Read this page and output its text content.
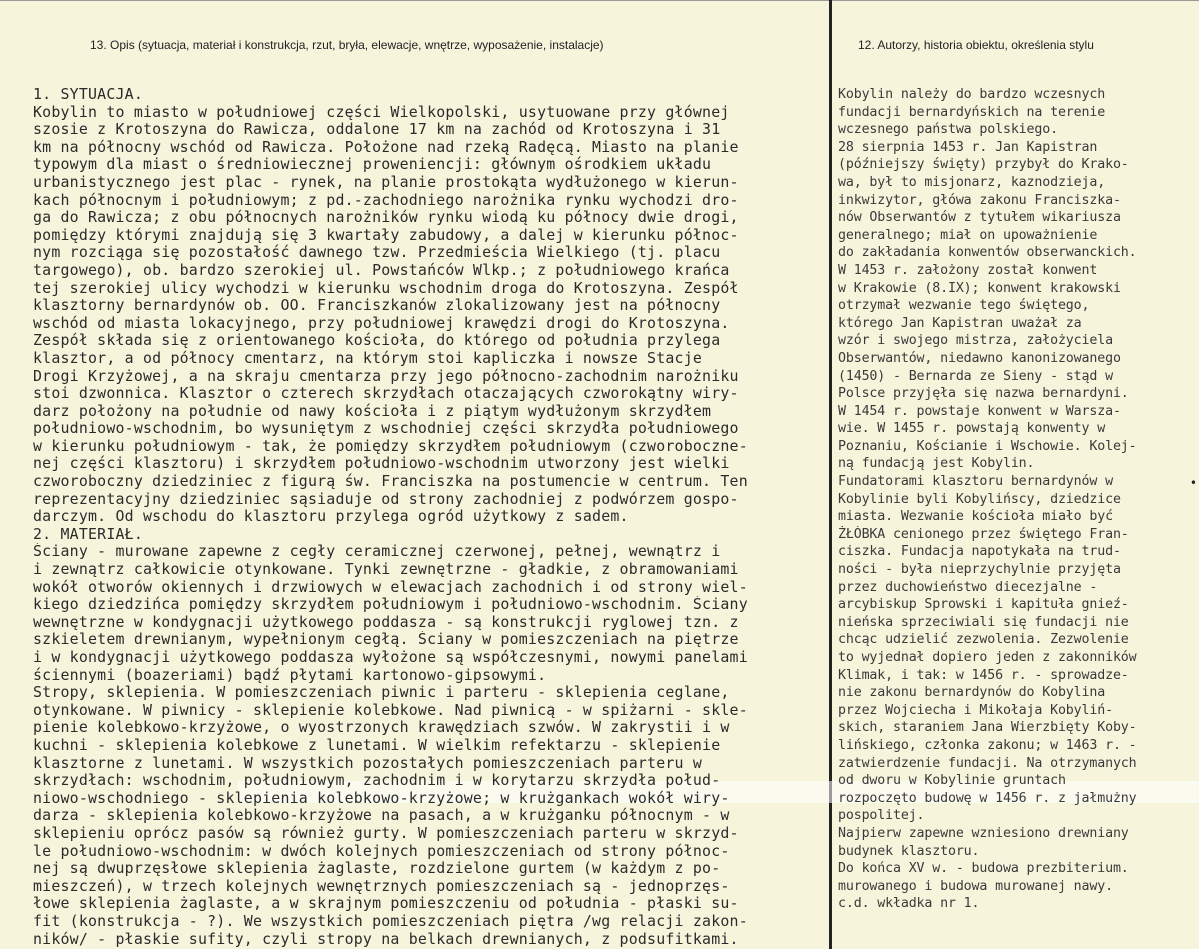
13. Opis (sytuacja, materiał i konstrukcja, rzut, bryła, elewacje, wnętrze, wyposażenie, instalacje)	12. Autorzy, historia obiektu, określenia stylu
1. SYTUACJA.
Kobylin to miasto w południowej części Wielkopolski, usytuowane przy głównej
szosie z Krotoszyna do Rawicza, oddalone 17 km na zachód od Krotoszyna i 31
km na północny wschód od Rawicza. Położone nad rzeką Radęcą. Miasto na planie
typowym dla miast o średniowiecznej proweniencji: głównym ośrodkiem układu
urbanistycznego jest plac - rynek, na planie prostokąta wydłużonego w kierun-
kach północnym i południowym; z pd.-zachodniego narożnika rynku wychodzi dro-
ga do Rawicza; z obu północnych narożników rynku wiodą ku północy dwie drogi,
pomiędzy którymi znajdują się 3 kwartały zabudowy, a dalej w kierunku północ-
nym rozciąga się pozostałość dawnego tzw. Przedmieścia Wielkiego (tj. placu
targowego), ob. bardzo szerokiej ul. Powstańców Wlkp.; z południowego krańca
tej szerokiej ulicy wychodzi w kierunku wschodnim droga do Krotoszyna. Zespół
klasztorny bernardynów ob. OO. Franciszkanów zlokalizowany jest na północny
wschód od miasta lokacyjnego, przy południowej krawędzi drogi do Krotoszyna.
Zespół składa się z orientowanego kościoła, do którego od południa przylega
klasztor, a od północy cmentarz, na którym stoi kapliczka i nowsze Stacje
Drogi Krzyżowej, a na skraju cmentarza przy jego północno-zachodnim narożniku
stoi dzwonnica. Klasztor o czterech skrzydłach otaczających czworokątny wiry-
darz położony na południe od nawy kościoła i z piątym wydłużonym skrzydłem
południowo-wschodnim, bo wysuniętym z wschodniej części skrzydła południowego
w kierunku południowym - tak, że pomiędzy skrzydłem południowym (czworoboczne-
nej części klasztoru) i skrzydłem południowo-wschodnim utworzony jest wielki
czworoboczny dziedziniec z figurą św. Franciszka na postumencie w centrum. Ten
reprezentacyjny dziedziniec sąsiaduje od strony zachodniej z podwórzem gospo-
darczym. Od wschodu do klasztoru przylega ogród użytkowy z sadem.
2. MATERIAŁ.
Ściany - murowane zapewne z cegły ceramicznej czerwonej, pełnej, wewnątrz i
i zewnątrz całkowicie otynkowane. Tynki zewnętrzne - gładkie, z obramowaniami
wokół otworów okiennych i drzwiowych w elewacjach zachodnich i od strony wiel-
kiego dziedzińca pomiędzy skrzydłem południowym i południowo-wschodnim. Ściany
wewnętrzne w kondygnacji użytkowego poddasza - są konstrukcji ryglowej tzn. z
szkieletem drewnianym, wypełnionym cegłą. Ściany w pomieszczeniach na piętrze
i w kondygnacji użytkowego poddasza wyłożone są współczesnymi, nowymi panelami
ściennymi (boazeriami) bądź płytami kartonowo-gipsowymi.
Stropy, sklepienia. W pomieszczeniach piwnic i parteru - sklepienia ceglane,
otynkowane. W piwnicy - sklepienie kolebkowe. Nad piwnicą - w spiżarni - skle-
pienie kolebkowo-krzyżowe, o wyostrzonych krawędziach szwów. W zakrystii i w
kuchni - sklepienia kolebkowe z lunetami. W wielkim refektarzu - sklepienie
klasztorne z lunetami. W wszystkich pozostałych pomieszczeniach parteru w
skrzydłach: wschodnim, południowym, zachodnim i w korytarzu skrzydła połud-
niowo-wschodniego - sklepienia kolebkowo-krzyżowe; w krużgankach wokół wiry-
darza - sklepienia kolebkowo-krzyżowe na pasach, a w krużganku północnym - w
sklepieniu oprócz pasów są również gurty. W pomieszczeniach parteru w skrzyd-
le południowo-wschodnim: w dwóch kolejnych pomieszczeniach od strony północ-
nej są dwuprzęsłowe sklepienia żaglaste, rozdzielone gurtem (w każdym z po-
mieszczeń), w trzech kolejnych wewnętrznych pomieszczeniach są - jednoprzęs-
łowe sklepienia żaglaste, a w skrajnym pomieszczeniu od południa - płaski su-
fit (konstrukcja - ?). We wszystkich pomieszczeniach piętra /wg relacji zakon-
ników/ - płaskie sufity, czyli stropy na belkach drewnianych, z podsufitkami.
Kobylin należy do bardzo wczesnych
fundacji bernardyńskich na terenie
wczesnego państwa polskiego.
28 sierpnia 1453 r. Jan Kapistran
(późniejszy święty) przybył do Krako-
wa, był to misjonarz, kaznodzieja,
inkwizytor, główa zakonu Franciszka-
nów Obserwantów z tytułem wikariusza
generalnego; miał on upoważnienie
do zakładania konwentów obserwanckich.
W 1453 r. założony został konwent
w Krakowie (8.IX); konwent krakowski
otrzymał wezwanie tego świętego,
którego Jan Kapistran uważał za
wzór i swojego mistrza, założyciela
Obserwantów, niedawno kanonizowanego
(1450) - Bernarda ze Sieny - stąd w
Polsce przyjęła się nazwa bernardyni.
W 1454 r. powstaje konwent w Warsza-
wie. W 1455 r. powstają konwenty w
Poznaniu, Kościanie i Wschowie. Kolej-
ną fundacją jest Kobylin.
Fundatorami klasztoru bernardynów w
Kobylinie byli Kobylińscy, dziedzice
miasta. Wezwanie kościoła miało być
ŻŁÓBKA cenionego przez świętego Fran-
ciszka. Fundacja napotykała na trud-
ności - była nieprzychylnie przyjęta
przez duchowieństwo diecezjalne -
arcybiskup Sprowski i kapituła gnieź-
nieńska sprzeciwiali się fundacji nie
chcąc udzielić zezwolenia. Zezwolenie
to wyjednał dopiero jeden z zakonników
Klimak, i tak: w 1456 r. - sprowadze-
nie zakonu bernardynów do Kobylina
przez Wojciecha i Mikołaja Kobyliń-
skich, staraniem Jana Wierzbięty Koby-
lińskiego, członka zakonu; w 1463 r. -
zatwierdzenie fundacji. Na otrzymanych
od dworu w Kobylinie gruntach
rozpoczęto budowę w 1456 r. z jałmużny
pospolitej.
Najpierw zapewne wzniesiono drewniany
budynek klasztoru.
Do końca XV w. - budowa prezbiterium.
murowanego i budowa murowanej nawy.
c.d. wkładka nr 1.
•
